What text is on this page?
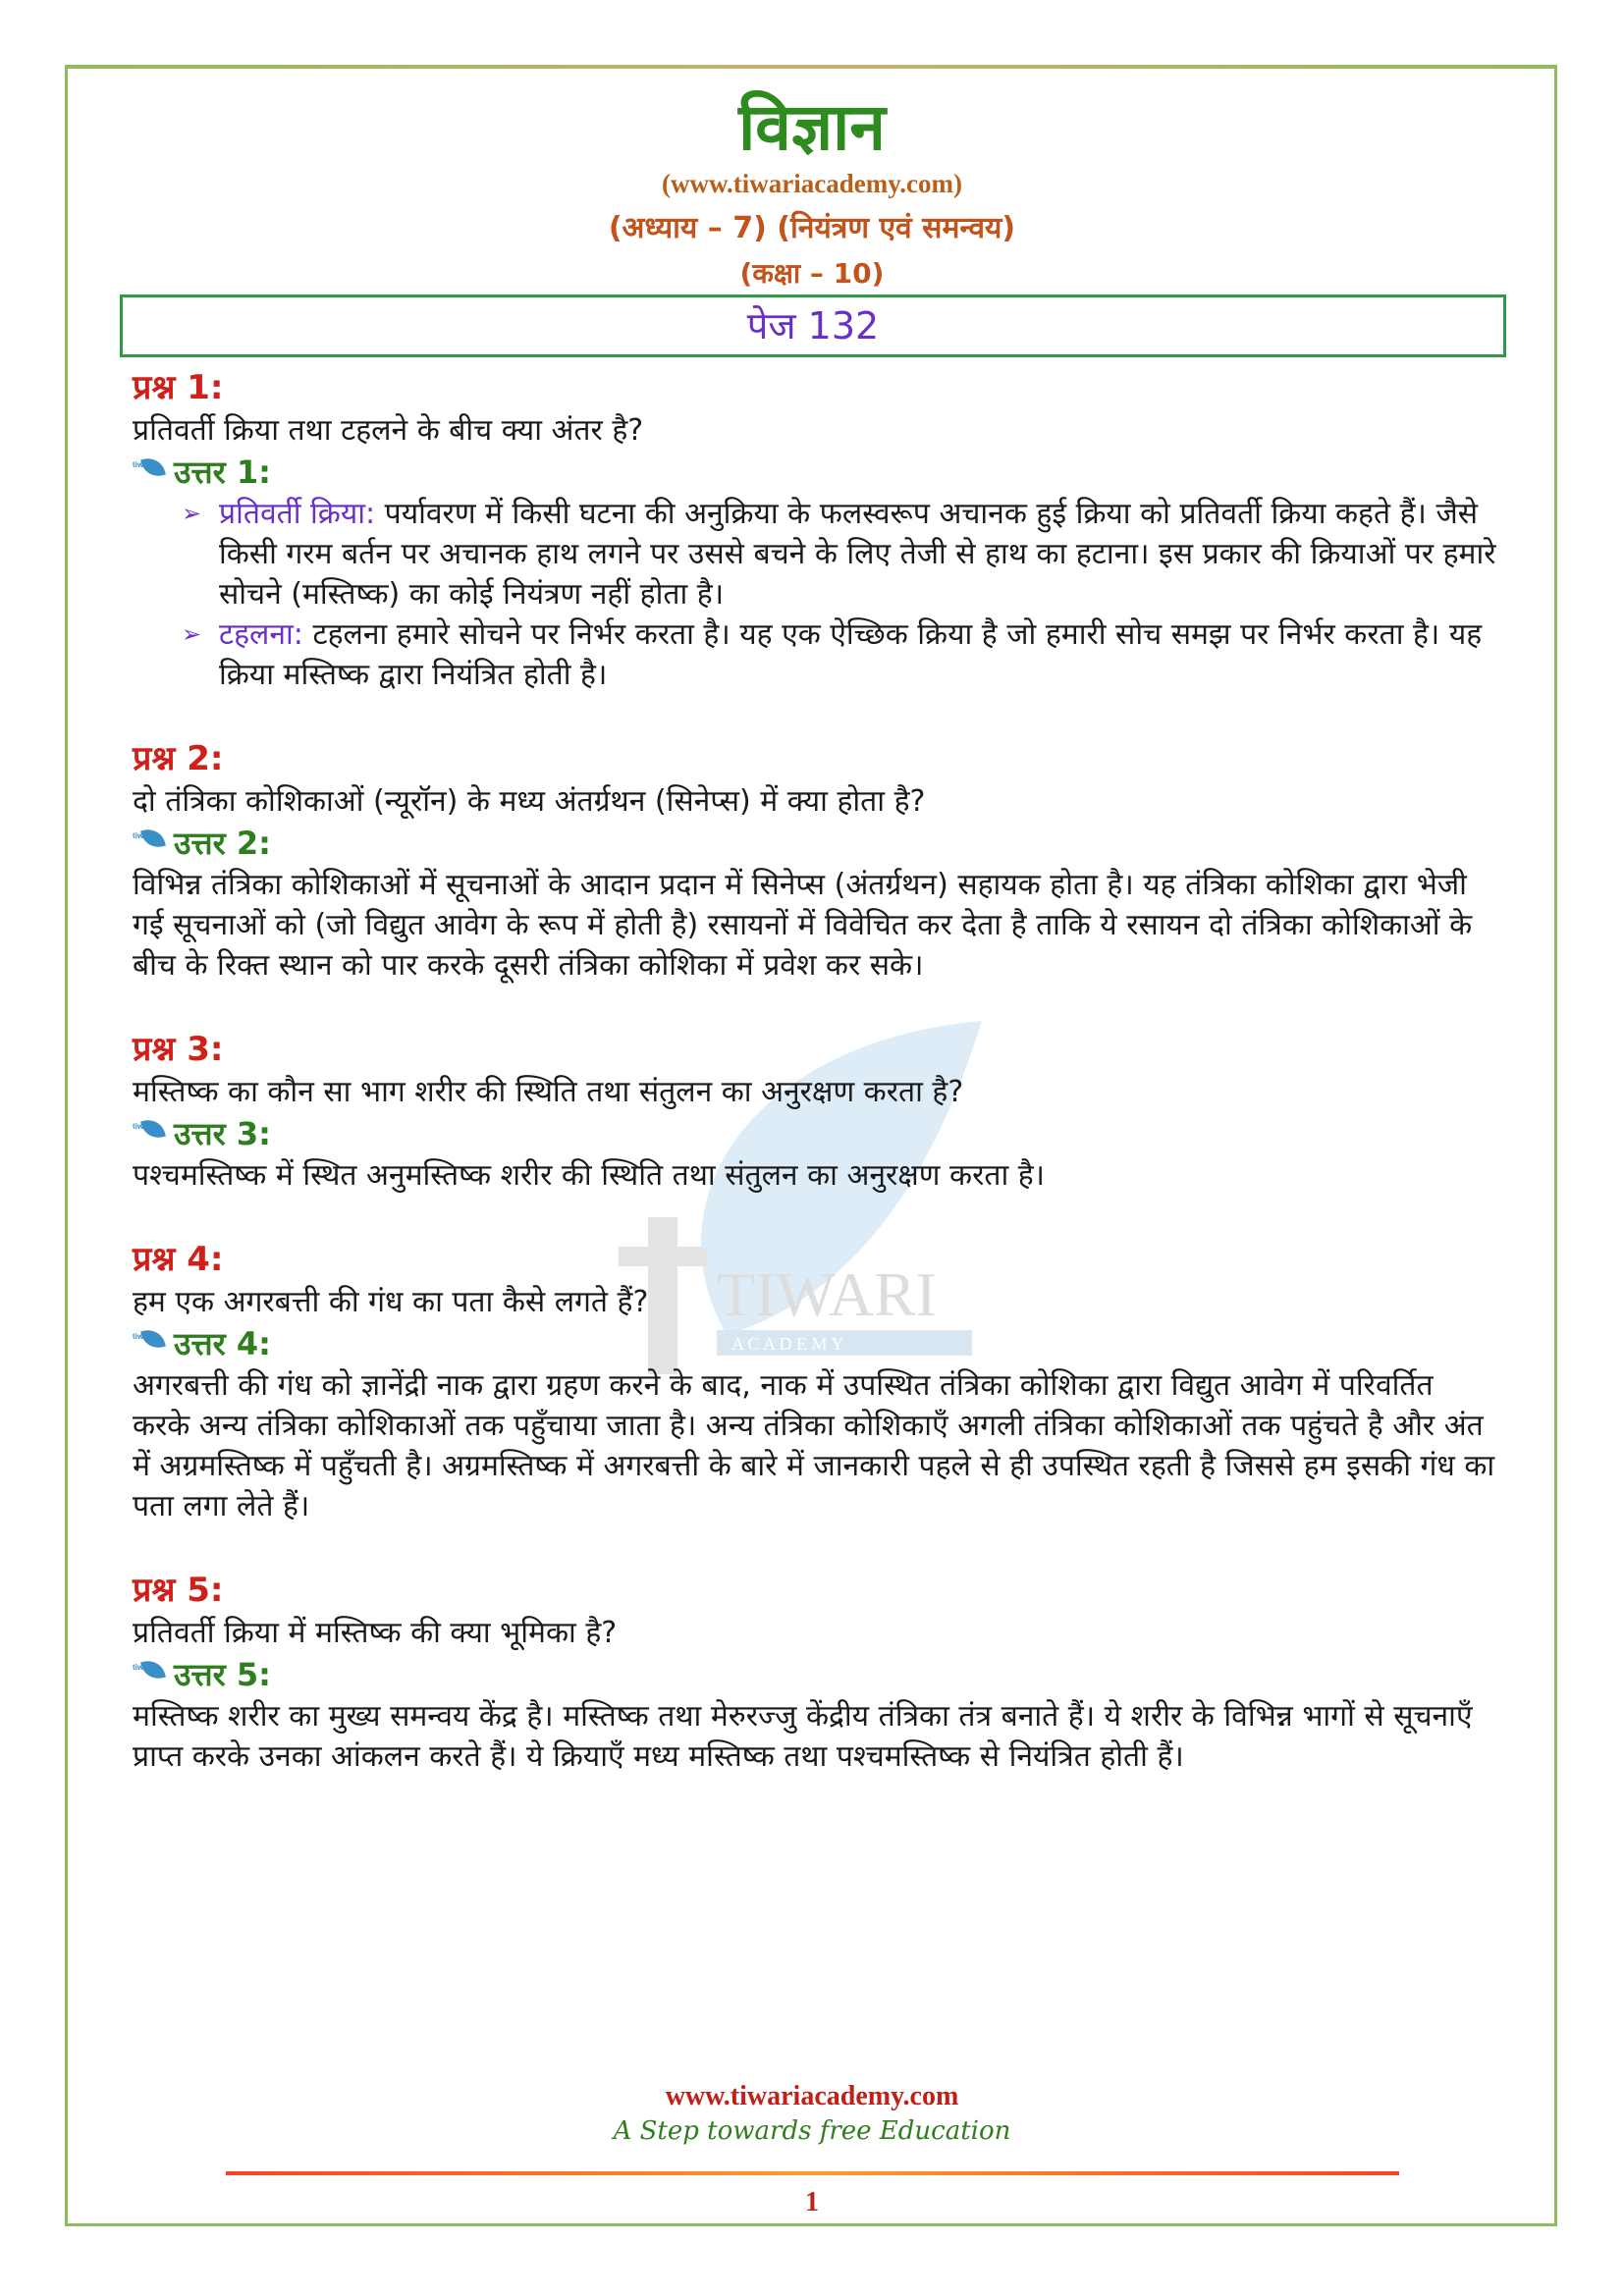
विज्ञान
(www.tiwariacademy.com)
(अध्याय – 7) (नियंत्रण एवं समन्वय)
(कक्षा – 10)
पेज 132
TIWARI
A C A D E M Y
प्रश्न 1:
प्रतिवर्ती क्रिया तथा टहलने के बीच क्या अंतर है?
tiwari
उत्तर 1:
➢ प्रतिवर्ती क्रिया: पर्यावरण में किसी घटना की अनुक्रिया के फलस्वरूप अचानक हुई क्रिया को प्रतिवर्ती क्रिया कहते हैं। जैसे किसी गरम बर्तन पर अचानक हाथ लगने पर उससे बचने के लिए तेजी से हाथ का हटाना। इस प्रकार की क्रियाओं पर हमारे सोचने (मस्तिष्क) का कोई नियंत्रण नहीं होता है।
➢ टहलना: टहलना हमारे सोचने पर निर्भर करता है। यह एक ऐच्छिक क्रिया है जो हमारी सोच समझ पर निर्भर करता है। यह क्रिया मस्तिष्क द्वारा नियंत्रित होती है।
प्रश्न 2:
दो तंत्रिका कोशिकाओं (न्यूरॉन) के मध्य अंतर्ग्रथन (सिनेप्स) में क्या होता है?
tiwari
उत्तर 2:
विभिन्न तंत्रिका कोशिकाओं में सूचनाओं के आदान प्रदान में सिनेप्स (अंतर्ग्रथन) सहायक होता है। यह तंत्रिका कोशिका द्वारा भेजी गई सूचनाओं को (जो विद्युत आवेग के रूप में होती है) रसायनों में विवेचित कर देता है ताकि ये रसायन दो तंत्रिका कोशिकाओं के बीच के रिक्त स्थान को पार करके दूसरी तंत्रिका कोशिका में प्रवेश कर सके।
प्रश्न 3:
मस्तिष्क का कौन सा भाग शरीर की स्थिति तथा संतुलन का अनुरक्षण करता है?
tiwari
उत्तर 3:
पश्चमस्तिष्क में स्थित अनुमस्तिष्क शरीर की स्थिति तथा संतुलन का अनुरक्षण करता है।
प्रश्न 4:
हम एक अगरबत्ती की गंध का पता कैसे लगते हैं?
tiwari
उत्तर 4:
अगरबत्ती की गंध को ज्ञानेंद्री नाक द्वारा ग्रहण करने के बाद, नाक में उपस्थित तंत्रिका कोशिका द्वारा विद्युत आवेग में परिवर्तित करके अन्य तंत्रिका कोशिकाओं तक पहुँचाया जाता है। अन्य तंत्रिका कोशिकाएँ अगली तंत्रिका कोशिकाओं तक पहुंचते है और अंत में अग्रमस्तिष्क में पहुँचती है। अग्रमस्तिष्क में अगरबत्ती के बारे में जानकारी पहले से ही उपस्थित रहती है जिससे हम इसकी गंध का पता लगा लेते हैं।
प्रश्न 5:
प्रतिवर्ती क्रिया में मस्तिष्क की क्या भूमिका है?
tiwari
उत्तर 5:
मस्तिष्क शरीर का मुख्य समन्वय केंद्र है। मस्तिष्क तथा मेरुरज्जु केंद्रीय तंत्रिका तंत्र बनाते हैं। ये शरीर के विभिन्न भागों से सूचनाएँ प्राप्त करके उनका आंकलन करते हैं। ये क्रियाएँ मध्य मस्तिष्क तथा पश्चमस्तिष्क से नियंत्रित होती हैं।
www.tiwariacademy.com
A Step towards free Education
1
